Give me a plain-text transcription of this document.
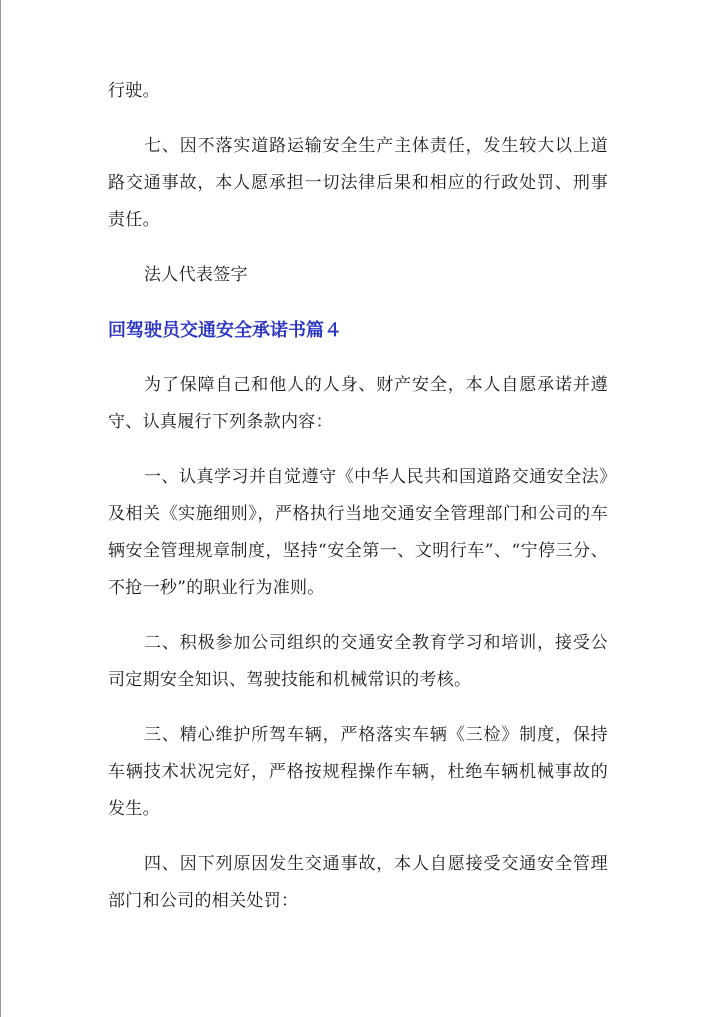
行驶。

七、因不落实道路运输安全生产主体责任，发生较大以上道路交通事故，本人愿承担一切法律后果和相应的行政处罚、刑事责任。

法人代表签字

回驾驶员交通安全承诺书篇４

为了保障自己和他人的人身、财产安全，本人自愿承诺并遵守、认真履行下列条款内容：

一、认真学习并自觉遵守《中华人民共和国道路交通安全法》及相关《实施细则》，严格执行当地交通安全管理部门和公司的车辆安全管理规章制度，坚持“安全第一、文明行车”、“宁停三分、不抢一秒”的职业行为准则。

二、积极参加公司组织的交通安全教育学习和培训，接受公司定期安全知识、驾驶技能和机械常识的考核。

三、精心维护所驾车辆，严格落实车辆《三检》制度，保持车辆技术状况完好，严格按规程操作车辆，杜绝车辆机械事故的发生。

四、因下列原因发生交通事故，本人自愿接受交通安全管理部门和公司的相关处罚：
